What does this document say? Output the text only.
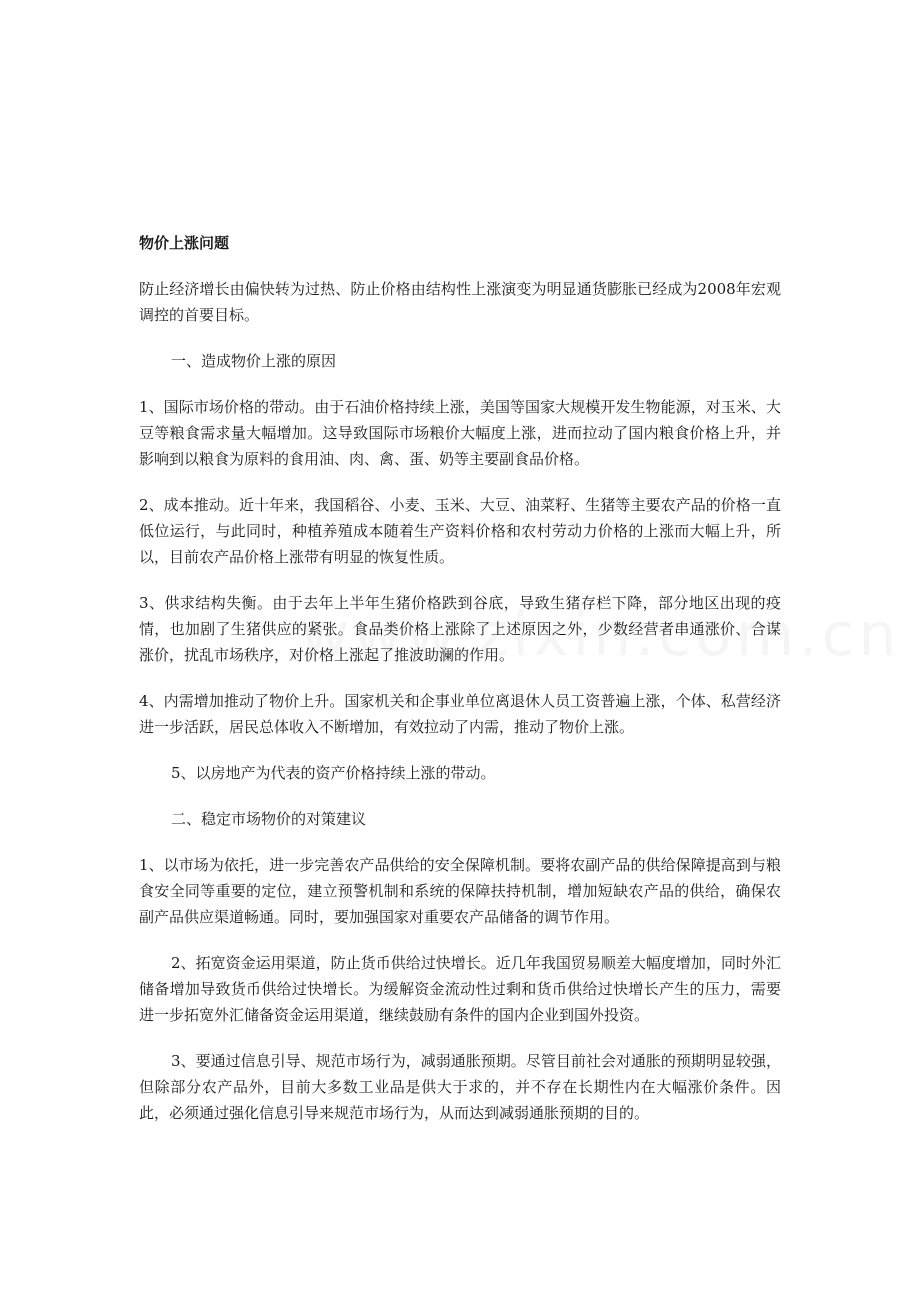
物价上涨问题

防止经济增长由偏快转为过热、防止价格由结构性上涨演变为明显通货膨胀已经成为2008年宏观调控的首要目标。

一、造成物价上涨的原因

1、国际市场价格的带动。由于石油价格持续上涨，美国等国家大规模开发生物能源，对玉米、大豆等粮食需求量大幅增加。这导致国际市场粮价大幅度上涨，进而拉动了国内粮食价格上升，并影响到以粮食为原料的食用油、肉、禽、蛋、奶等主要副食品价格。

2、成本推动。近十年来，我国稻谷、小麦、玉米、大豆、油菜籽、生猪等主要农产品的价格一直低位运行，与此同时，种植养殖成本随着生产资料价格和农村劳动力价格的上涨而大幅上升，所以，目前农产品价格上涨带有明显的恢复性质。

3、供求结构失衡。由于去年上半年生猪价格跌到谷底，导致生猪存栏下降，部分地区出现的疫情，也加剧了生猪供应的紧张。食品类价格上涨除了上述原因之外，少数经营者串通涨价、合谋涨价，扰乱市场秩序，对价格上涨起了推波助澜的作用。

4、内需增加推动了物价上升。国家机关和企事业单位离退休人员工资普遍上涨，个体、私营经济进一步活跃，居民总体收入不断增加，有效拉动了内需，推动了物价上涨。

5、以房地产为代表的资产价格持续上涨的带动。

二、稳定市场物价的对策建议

1、以市场为依托，进一步完善农产品供给的安全保障机制。要将农副产品的供给保障提高到与粮食安全同等重要的定位，建立预警机制和系统的保障扶持机制，增加短缺农产品的供给，确保农副产品供应渠道畅通。同时，要加强国家对重要农产品储备的调节作用。

2、拓宽资金运用渠道，防止货币供给过快增长。近几年我国贸易顺差大幅度增加，同时外汇储备增加导致货币供给过快增长。为缓解资金流动性过剩和货币供给过快增长产生的压力，需要进一步拓宽外汇储备资金运用渠道，继续鼓励有条件的国内企业到国外投资。

3、要通过信息引导、规范市场行为，减弱通胀预期。尽管目前社会对通胀的预期明显较强，但除部分农产品外，目前大多数工业品是供大于求的，并不存在长期性内在大幅涨价条件。因此，必须通过强化信息引导来规范市场行为，从而达到减弱通胀预期的目的。
